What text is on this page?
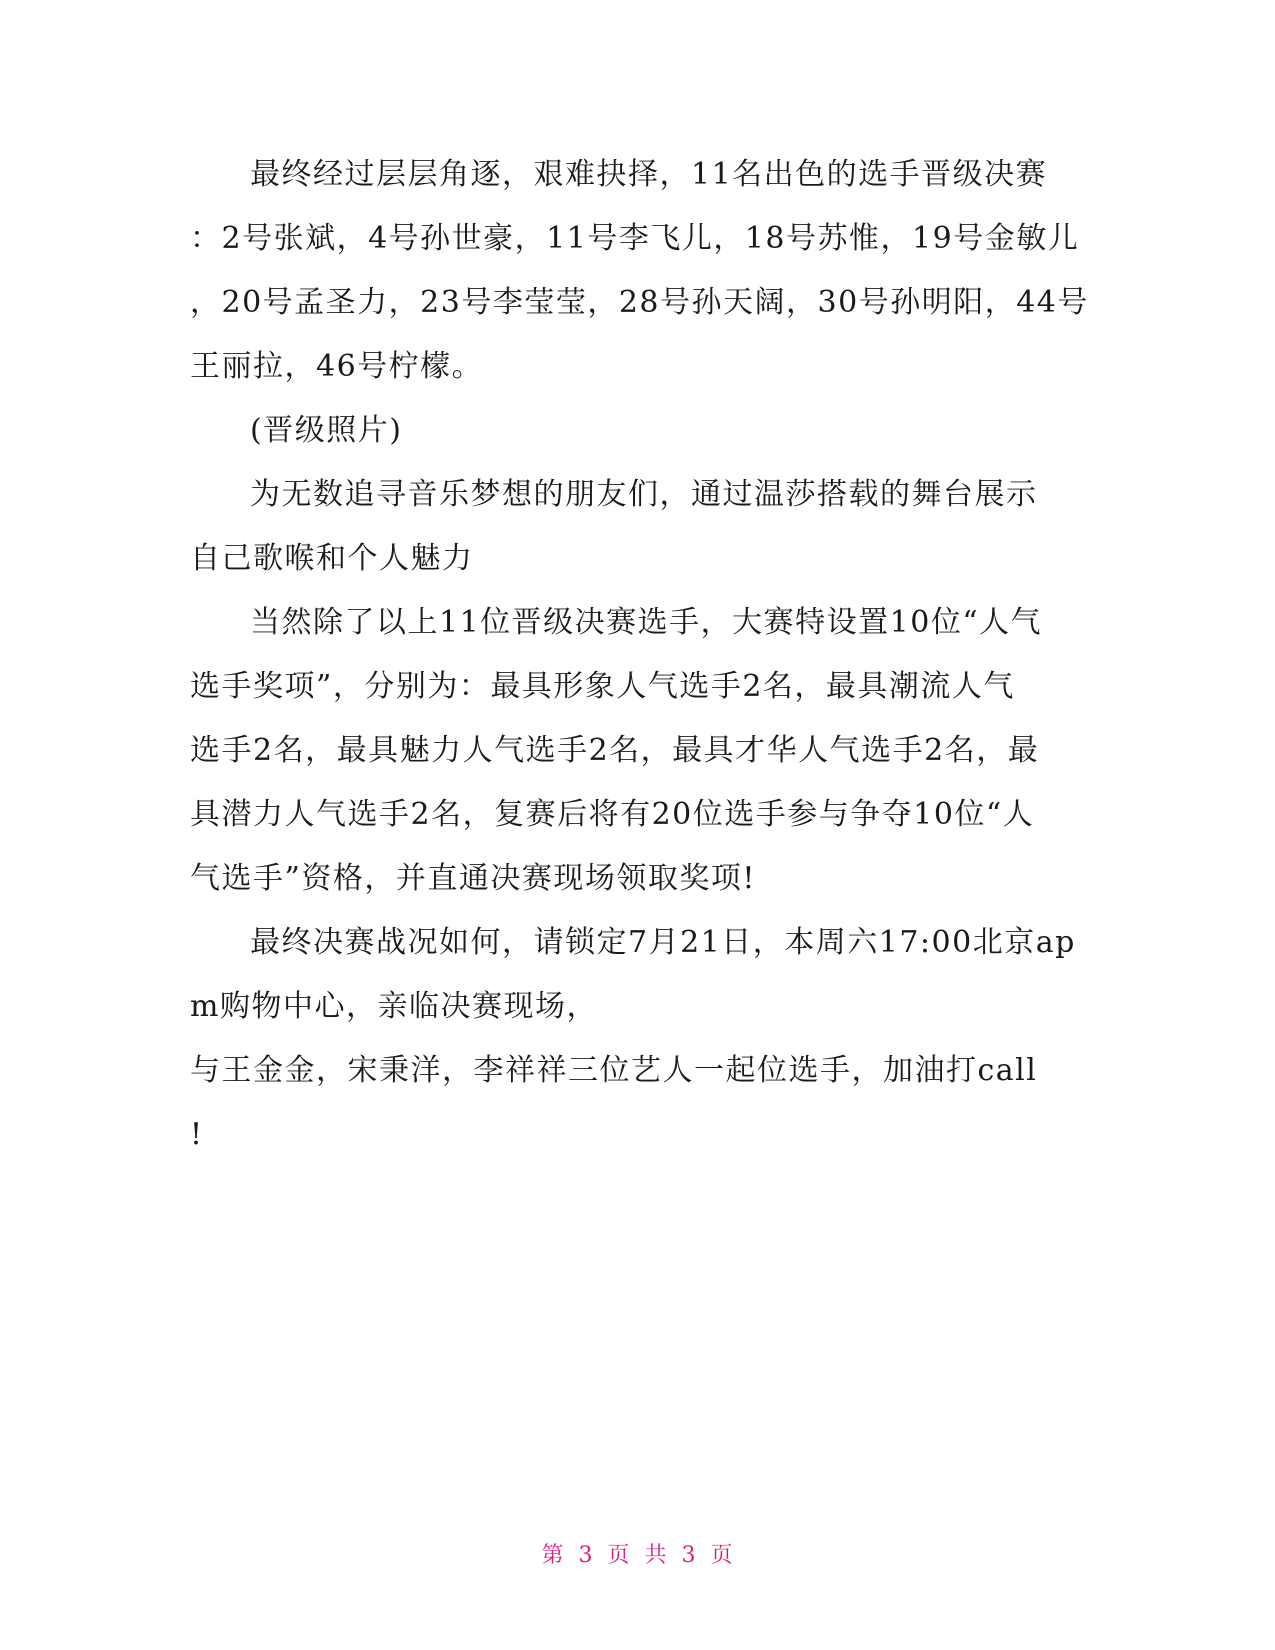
最终经过层层角逐，艰难抉择，11名出色的选手晋级决赛
：2号张斌，4号孙世豪，11号李飞儿，18号苏惟，19号金敏儿
，20号孟圣力，23号李莹莹，28号孙天阔，30号孙明阳，44号
王丽拉，46号柠檬。
(晋级照片)
为无数追寻音乐梦想的朋友们，通过温莎搭载的舞台展示
自己歌喉和个人魅力
当然除了以上11位晋级决赛选手，大赛特设置10位“人气
选手奖项”，分别为：最具形象人气选手2名，最具潮流人气
选手2名，最具魅力人气选手2名，最具才华人气选手2名，最
具潜力人气选手2名，复赛后将有20位选手参与争夺10位“人
气选手”资格，并直通决赛现场领取奖项!
最终决赛战况如何，请锁定7月21日，本周六17:00北京ap
m购物中心，亲临决赛现场，
与王金金，宋秉洋，李祥祥三位艺人一起位选手，加油打call
!
第 3 页 共 3 页
